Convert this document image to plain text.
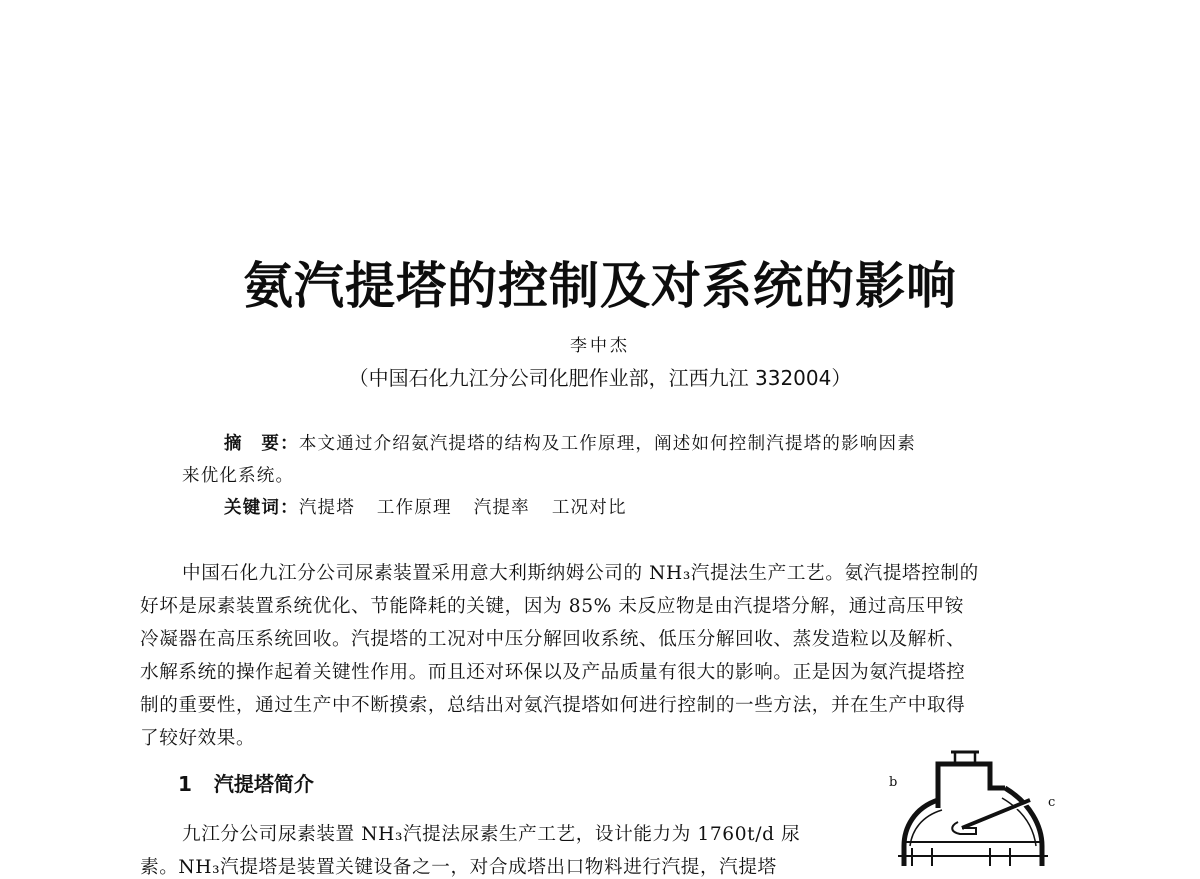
氨汽提塔的控制及对系统的影响
李中杰
（中国石化九江分公司化肥作业部，江西九江 332004）
摘　要：本文通过介绍氨汽提塔的结构及工作原理，阐述如何控制汽提塔的影响因素
来优化系统。
关键词：汽提塔 工作原理 汽提率 工况对比
中国石化九江分公司尿素装置采用意大利斯纳姆公司的 NH₃汽提法生产工艺。氨汽提塔控制的
好坏是尿素装置系统优化、节能降耗的关键，因为 85% 未反应物是由汽提塔分解，通过高压甲铵
冷凝器在高压系统回收。汽提塔的工况对中压分解回收系统、低压分解回收、蒸发造粒以及解析、
水解系统的操作起着关键性作用。而且还对环保以及产品质量有很大的影响。正是因为氨汽提塔控
制的重要性，通过生产中不断摸索，总结出对氨汽提塔如何进行控制的一些方法，并在生产中取得
了较好效果。
1 汽提塔简介
九江分公司尿素装置 NH₃汽提法尿素生产工艺，设计能力为 1760t/d 尿
素。NH₃汽提塔是装置关键设备之一，对合成塔出口物料进行汽提，汽提塔
b
c
